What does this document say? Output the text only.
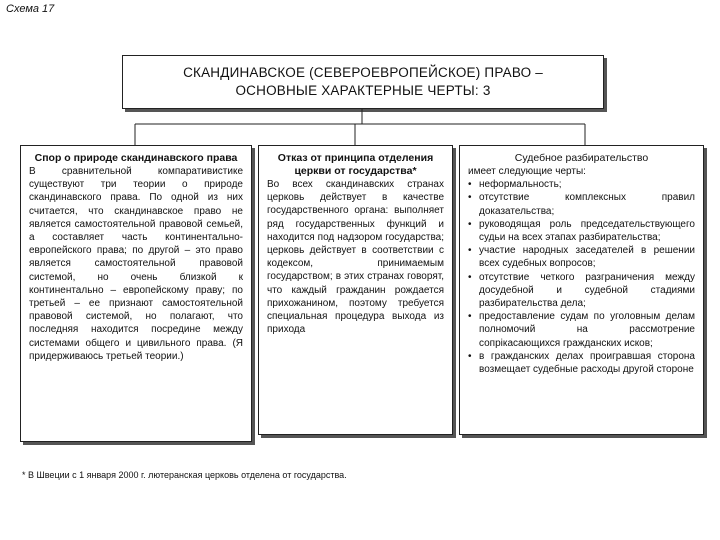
Схема 17
СКАНДИНАВСКОЕ (СЕВЕРОЕВРОПЕЙСКОЕ) ПРАВО –
ОСНОВНЫЕ ХАРАКТЕРНЫЕ ЧЕРТЫ: 3
Спор о природе скандинавского права
В сравнительной компаративистике существуют три теории о природе скандинавского права. По одной из них считается, что скандинавское право не является самостоятельной правовой семьей, а составляет часть континентально-европейского права; по другой – это право является самостоятельной правовой системой, но очень близкой к континентально – европейскому праву; по третьей – ее признают самостоятельной правовой системой, но полагают, что последняя находится посредине между системами общего и цивильного права. (Я придерживаюсь третьей теории.)
Отказ от принципа отделения церкви от государства*
Во всех скандинавских странах церковь действует в качестве государственного органа: выполняет ряд государственных функций и находится под надзором государства; церковь действует в соответствии с кодексом, принимаемым государством; в этих странах говорят, что каждый гражданин рождается прихожанином, поэтому требуется специальная процедура выхода из прихода
Судебное разбирательство
имеет следующие черты:
• неформальность;
• отсутствие комплексных правил доказательства;
• руководящая роль председательствующего судьи на всех этапах разбирательства;
• участие народных заседателей в решении всех судебных вопросов;
• отсутствие четкого разграничения между досудебной и судебной стадиями разбирательства дела;
• предоставление судам по уголовным делам полномочий на рассмотрение сопрікасающихся гражданских исков;
• в гражданских делах проигравшая сторона возмещает судебные расходы другой стороне
* В Швеции с 1 января 2000 г. лютеранская церковь отделена от государства.
